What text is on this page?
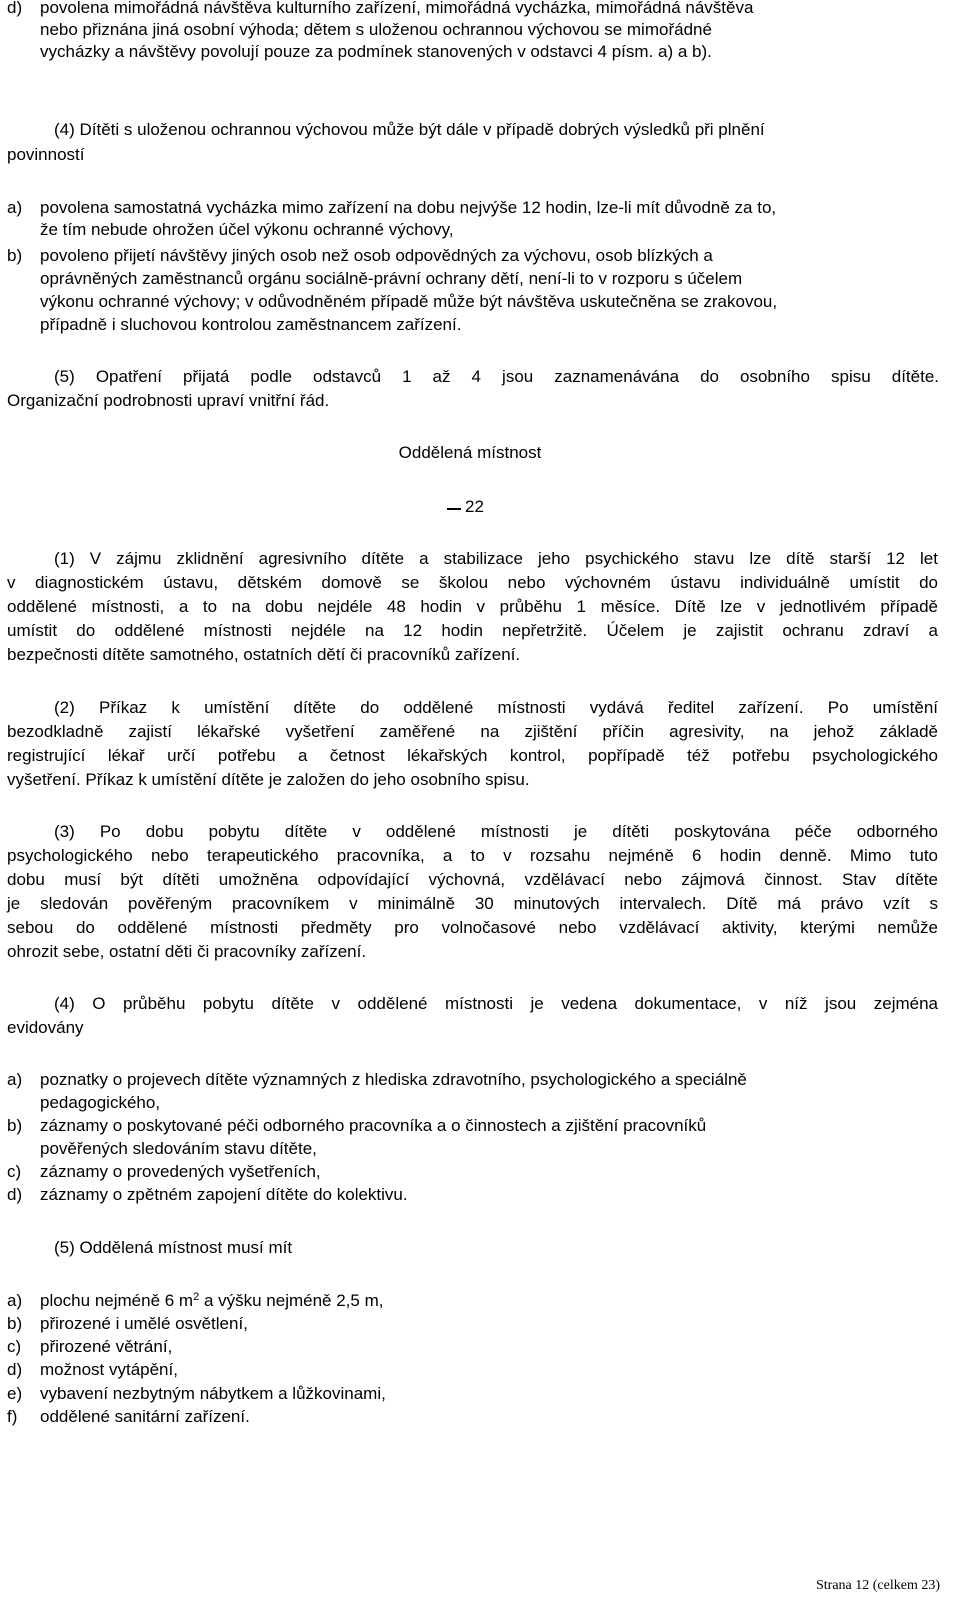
d) povolena mimořádná návštěva kulturního zařízení, mimořádná vycházka, mimořádná návštěva
nebo přiznána jiná osobní výhoda; dětem s uloženou ochrannou výchovou se mimořádné
vycházky a návštěvy povolují pouze za podmínek stanovených v odstavci 4 písm. a) a b).
(4) Dítěti s uloženou ochrannou výchovou může být dále v případě dobrých výsledků při plnění
povinností
a) povolena samostatná vycházka mimo zařízení na dobu nejvýše 12 hodin, lze-li mít důvodně za to,
že tím nebude ohrožen účel výkonu ochranné výchovy,
b) povoleno přijetí návštěvy jiných osob než osob odpovědných za výchovu, osob blízkých a
oprávněných zaměstnanců orgánu sociálně-právní ochrany dětí, není-li to v rozporu s účelem
výkonu ochranné výchovy; v odůvodněném případě může být návštěva uskutečněna se zrakovou,
případně i sluchovou kontrolou zaměstnancem zařízení.
(5) Opatření přijatá podle odstavců 1 až 4 jsou zaznamenávána do osobního spisu dítěte.
Organizační podrobnosti upraví vnitřní řád.
Oddělená místnost
22
(1) V zájmu zklidnění agresivního dítěte a stabilizace jeho psychického stavu lze dítě starší 12 let
v diagnostickém ústavu, dětském domově se školou nebo výchovném ústavu individuálně umístit do
oddělené místnosti, a to na dobu nejdéle 48 hodin v průběhu 1 měsíce. Dítě lze v jednotlivém případě
umístit do oddělené místnosti nejdéle na 12 hodin nepřetržitě. Účelem je zajistit ochranu zdraví a
bezpečnosti dítěte samotného, ostatních dětí či pracovníků zařízení.
(2) Příkaz k umístění dítěte do oddělené místnosti vydává ředitel zařízení. Po umístění
bezodkladně zajistí lékařské vyšetření zaměřené na zjištění příčin agresivity, na jehož základě
registrující lékař určí potřebu a četnost lékařských kontrol, popřípadě též potřebu psychologického
vyšetření. Příkaz k umístění dítěte je založen do jeho osobního spisu.
(3) Po dobu pobytu dítěte v oddělené místnosti je dítěti poskytována péče odborného
psychologického nebo terapeutického pracovníka, a to v rozsahu nejméně 6 hodin denně. Mimo tuto
dobu musí být dítěti umožněna odpovídající výchovná, vzdělávací nebo zájmová činnost. Stav dítěte
je sledován pověřeným pracovníkem v minimálně 30 minutových intervalech. Dítě má právo vzít s
sebou do oddělené místnosti předměty pro volnočasové nebo vzdělávací aktivity, kterými nemůže
ohrozit sebe, ostatní děti či pracovníky zařízení.
(4) O průběhu pobytu dítěte v oddělené místnosti je vedena dokumentace, v níž jsou zejména
evidovány
a) poznatky o projevech dítěte významných z hlediska zdravotního, psychologického a speciálně
pedagogického,
b) záznamy o poskytované péči odborného pracovníka a o činnostech a zjištění pracovníků
pověřených sledováním stavu dítěte,
c) záznamy o provedených vyšetřeních,
d) záznamy o zpětném zapojení dítěte do kolektivu.
(5) Oddělená místnost musí mít
a) plochu nejméně 6 $m^2$ a výšku nejméně 2,5 m,
b) přirozené i umělé osvětlení,
c) přirozené větrání,
d) možnost vytápění,
e) vybavení nezbytným nábytkem a lůžkovinami,
f) oddělené sanitární zařízení.
Strana 12 (celkem 23)
